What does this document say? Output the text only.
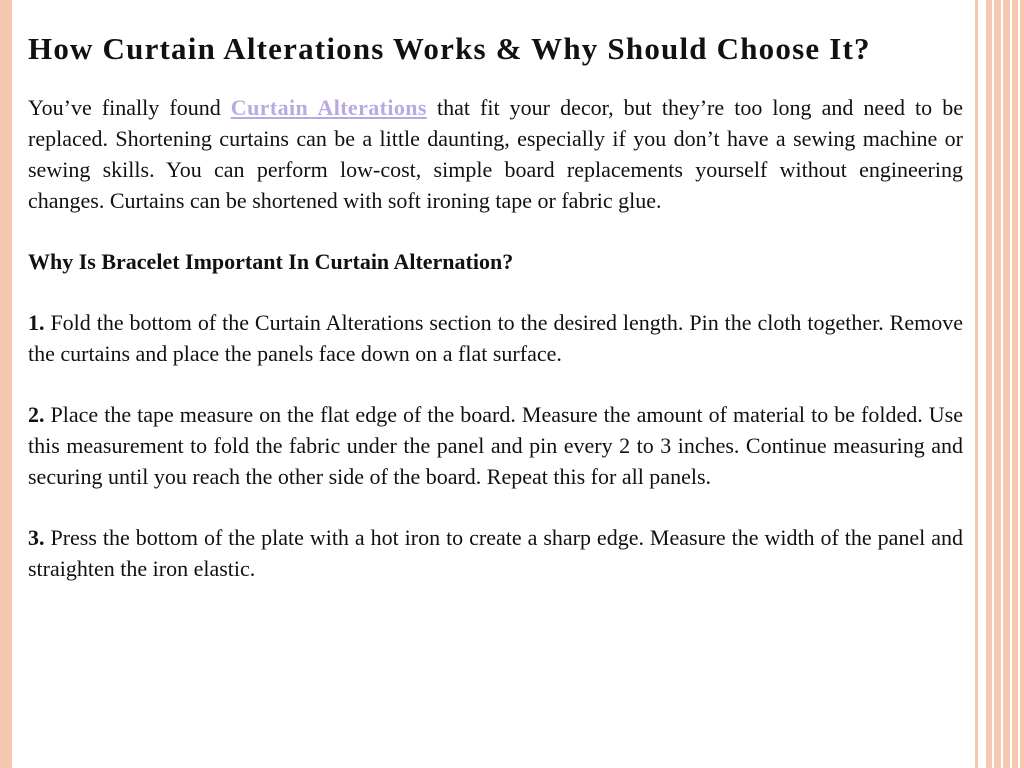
How Curtain Alterations Works & Why Should Choose It?

You’ve finally found Curtain Alterations that fit your decor, but they’re too long and need to be replaced. Shortening curtains can be a little daunting, especially if you don’t have a sewing machine or sewing skills. You can perform low-cost, simple board replacements yourself without engineering changes. Curtains can be shortened with soft ironing tape or fabric glue.

Why Is Bracelet Important In Curtain Alternation?

1. Fold the bottom of the Curtain Alterations section to the desired length. Pin the cloth together. Remove the curtains and place the panels face down on a flat surface.

2. Place the tape measure on the flat edge of the board. Measure the amount of material to be folded. Use this measurement to fold the fabric under the panel and pin every 2 to 3 inches. Continue measuring and securing until you reach the other side of the board. Repeat this for all panels.

3. Press the bottom of the plate with a hot iron to create a sharp edge. Measure the width of the panel and straighten the iron elastic.
